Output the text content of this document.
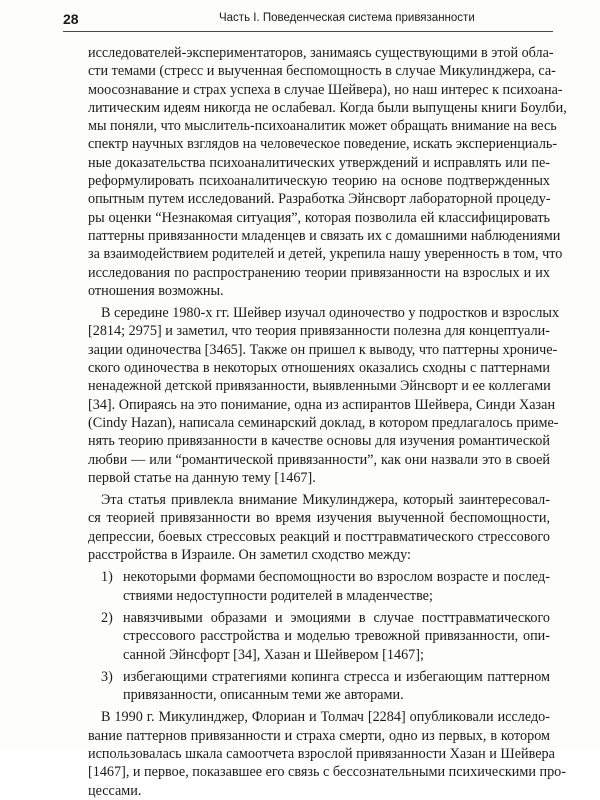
28	Часть I. Поведенческая система привязанности
исследователей-экспериментаторов, занимаясь существующими в этой обла-
сти темами (стресс и выученная беспомощность в случае Микулинджера, са-
моосознавание и страх успеха в случае Шейвера), но наш интерес к психоана-
литическим идеям никогда не ослабевал. Когда были выпущены книги Боулби,
мы поняли, что мыслитель-психоаналитик может обращать внимание на весь
спектр научных взглядов на человеческое поведение, искать экспериенциаль-
ные доказательства психоаналитических утверждений и исправлять или пе-
реформулировать психоаналитическую теорию на основе подтвержденных
опытным путем исследований. Разработка Эйнсворт лабораторной процеду-
ры оценки “Незнакомая ситуация”, которая позволила ей классифицировать
паттерны привязанности младенцев и связать их с домашними наблюдениями
за взаимодействием родителей и детей, укрепила нашу уверенность в том, что
исследования по распространению теории привязанности на взрослых и их
отношения возможны.
В середине 1980-х гг. Шейвер изучал одиночество у подростков и взрослых
[2814; 2975] и заметил, что теория привязанности полезна для концептуали-
зации одиночества [3465]. Также он пришел к выводу, что паттерны хрониче-
ского одиночества в некоторых отношениях оказались сходны с паттернами
ненадежной детской привязанности, выявленными Эйнсворт и ее коллегами
[34]. Опираясь на это понимание, одна из аспирантов Шейвера, Синди Хазан
(Cindy Hazan), написала семинарский доклад, в котором предлагалось приме-
нять теорию привязанности в качестве основы для изучения романтической
любви — или “романтической привязанности”, как они назвали это в своей
первой статье на данную тему [1467].
Эта статья привлекла внимание Микулинджера, который заинтересовал-
ся теорией привязанности во время изучения выученной беспомощности,
депрессии, боевых стрессовых реакций и посттравматического стрессового
расстройства в Израиле. Он заметил сходство между:
1) некоторыми формами беспомощности во взрослом возрасте и послед-
ствиями недоступности родителей в младенчестве;
2) навязчивыми образами и эмоциями в случае посттравматического
стрессового расстройства и моделью тревожной привязанности, опи-
санной Эйнсфорт [34], Хазан и Шейвером [1467];
3) избегающими стратегиями копинга стресса и избегающим паттерном
привязанности, описанным теми же авторами.
В 1990 г. Микулинджер, Флориан и Толмач [2284] опубликовали исследо-
вание паттернов привязанности и страха смерти, одно из первых, в котором
использовалась шкала самоотчета взрослой привязанности Хазан и Шейвера
[1467], и первое, показавшее его связь с бессознательными психическими про-
цессами.
